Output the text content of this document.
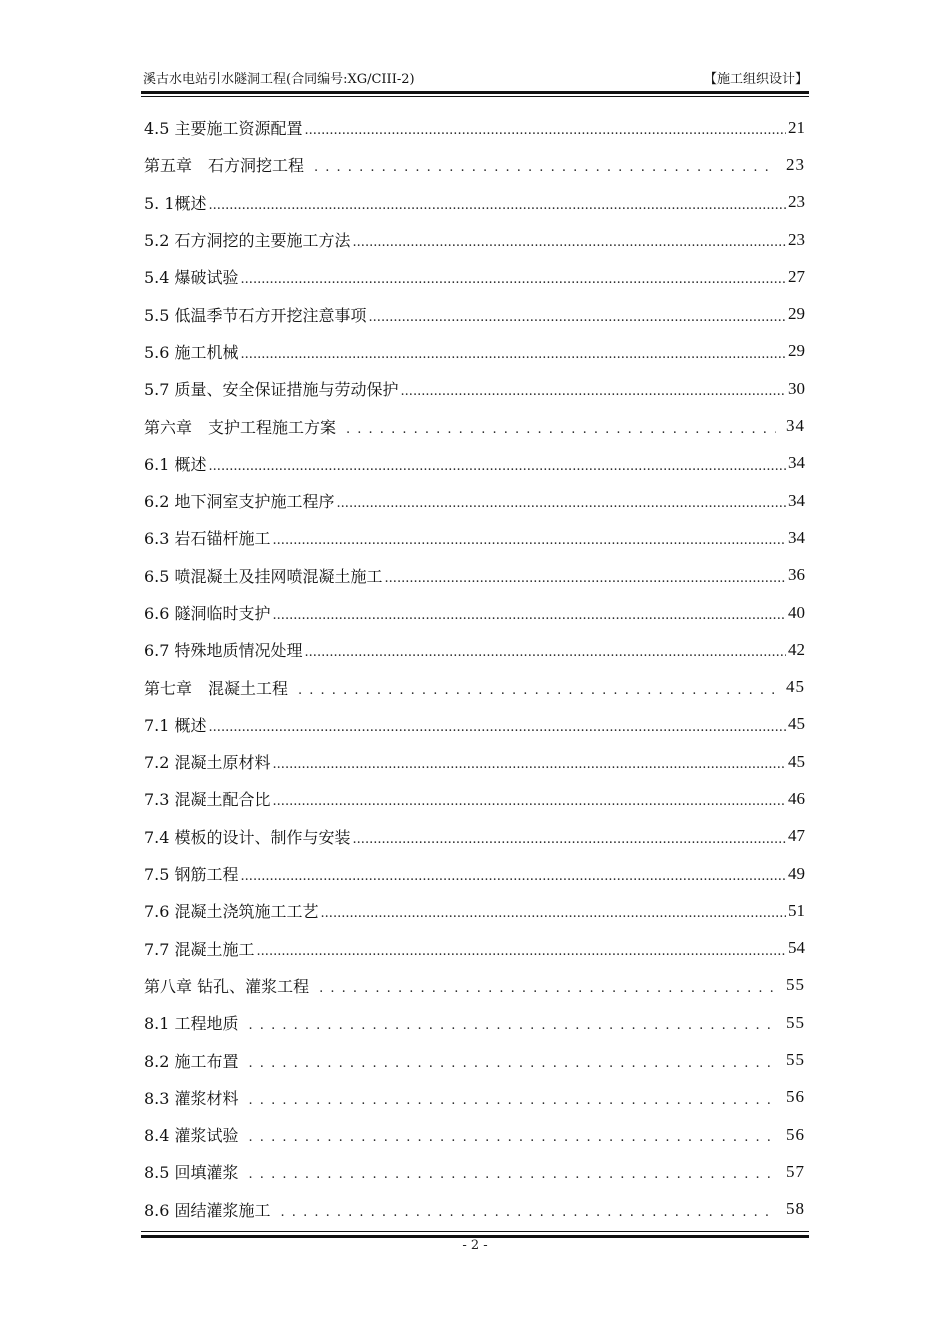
溪古水电站引水隧洞工程(合同编号:XG/CIII-2)	【施工组织设计】
4.5 主要施工资源配置 .....	21
第五章　石方洞挖工程 . . .	23
5. 1概述 .....	23
5.2 石方洞挖的主要施工方法 .....	23
5.4 爆破试验 .....	27
5.5 低温季节石方开挖注意事项 .....	29
5.6 施工机械 .....	29
5.7 质量、安全保证措施与劳动保护 .....	30
第六章　支护工程施工方案 . . .	34
6.1 概述 .....	34
6.2 地下洞室支护施工程序 .....	34
6.3 岩石锚杆施工 .....	34
6.5 喷混凝土及挂网喷混凝土施工 .....	36
6.6 隧洞临时支护 .....	40
6.7 特殊地质情况处理 .....	42
第七章　混凝土工程 . . .	45
7.1 概述 .....	45
7.2 混凝土原材料 .....	45
7.3 混凝土配合比 .....	46
7.4 模板的设计、制作与安装 .....	47
7.5 钢筋工程 .....	49
7.6 混凝土浇筑施工工艺 .....	51
7.7 混凝土施工 .....	54
第八章 钻孔、灌浆工程 . . .	55
8.1 工程地质 . . .	55
8.2 施工布置 . . .	55
8.3 灌浆材料 . . .	56
8.4 灌浆试验 . . .	56
8.5 回填灌浆 . . .	57
8.6 固结灌浆施工 . . .	58
- 2 -
